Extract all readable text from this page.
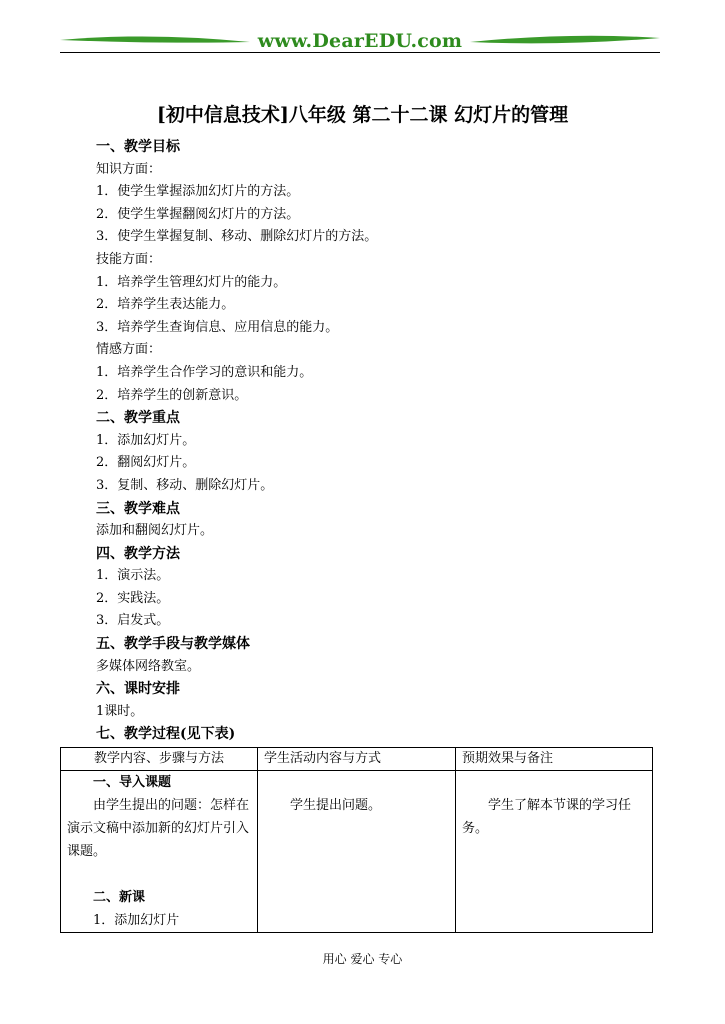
www.DearEDU.com
[初中信息技术]八年级 第二十二课 幻灯片的管理
一、教学目标
知识方面：
1．使学生掌握添加幻灯片的方法。
2．使学生掌握翻阅幻灯片的方法。
3．使学生掌握复制、移动、删除幻灯片的方法。
技能方面：
1．培养学生管理幻灯片的能力。
2．培养学生表达能力。
3．培养学生查询信息、应用信息的能力。
情感方面：
1．培养学生合作学习的意识和能力。
2．培养学生的创新意识。
二、教学重点
1．添加幻灯片。
2．翻阅幻灯片。
3．复制、移动、删除幻灯片。
三、教学难点
添加和翻阅幻灯片。
四、教学方法
1．演示法。
2．实践法。
3．启发式。
五、教学手段与教学媒体
多媒体网络教室。
六、课时安排
1课时。
七、教学过程(见下表)
教学内容、步骤与方法	学生活动内容与方式	预期效果与备注

一、导入课题
由学生提出的问题：怎样在演示文稿中添加新的幻灯片引入课题。

二、新课
1．添加幻灯片	学生提出问题。	学生了解本节课的学习任务。
用心 爱心 专心
